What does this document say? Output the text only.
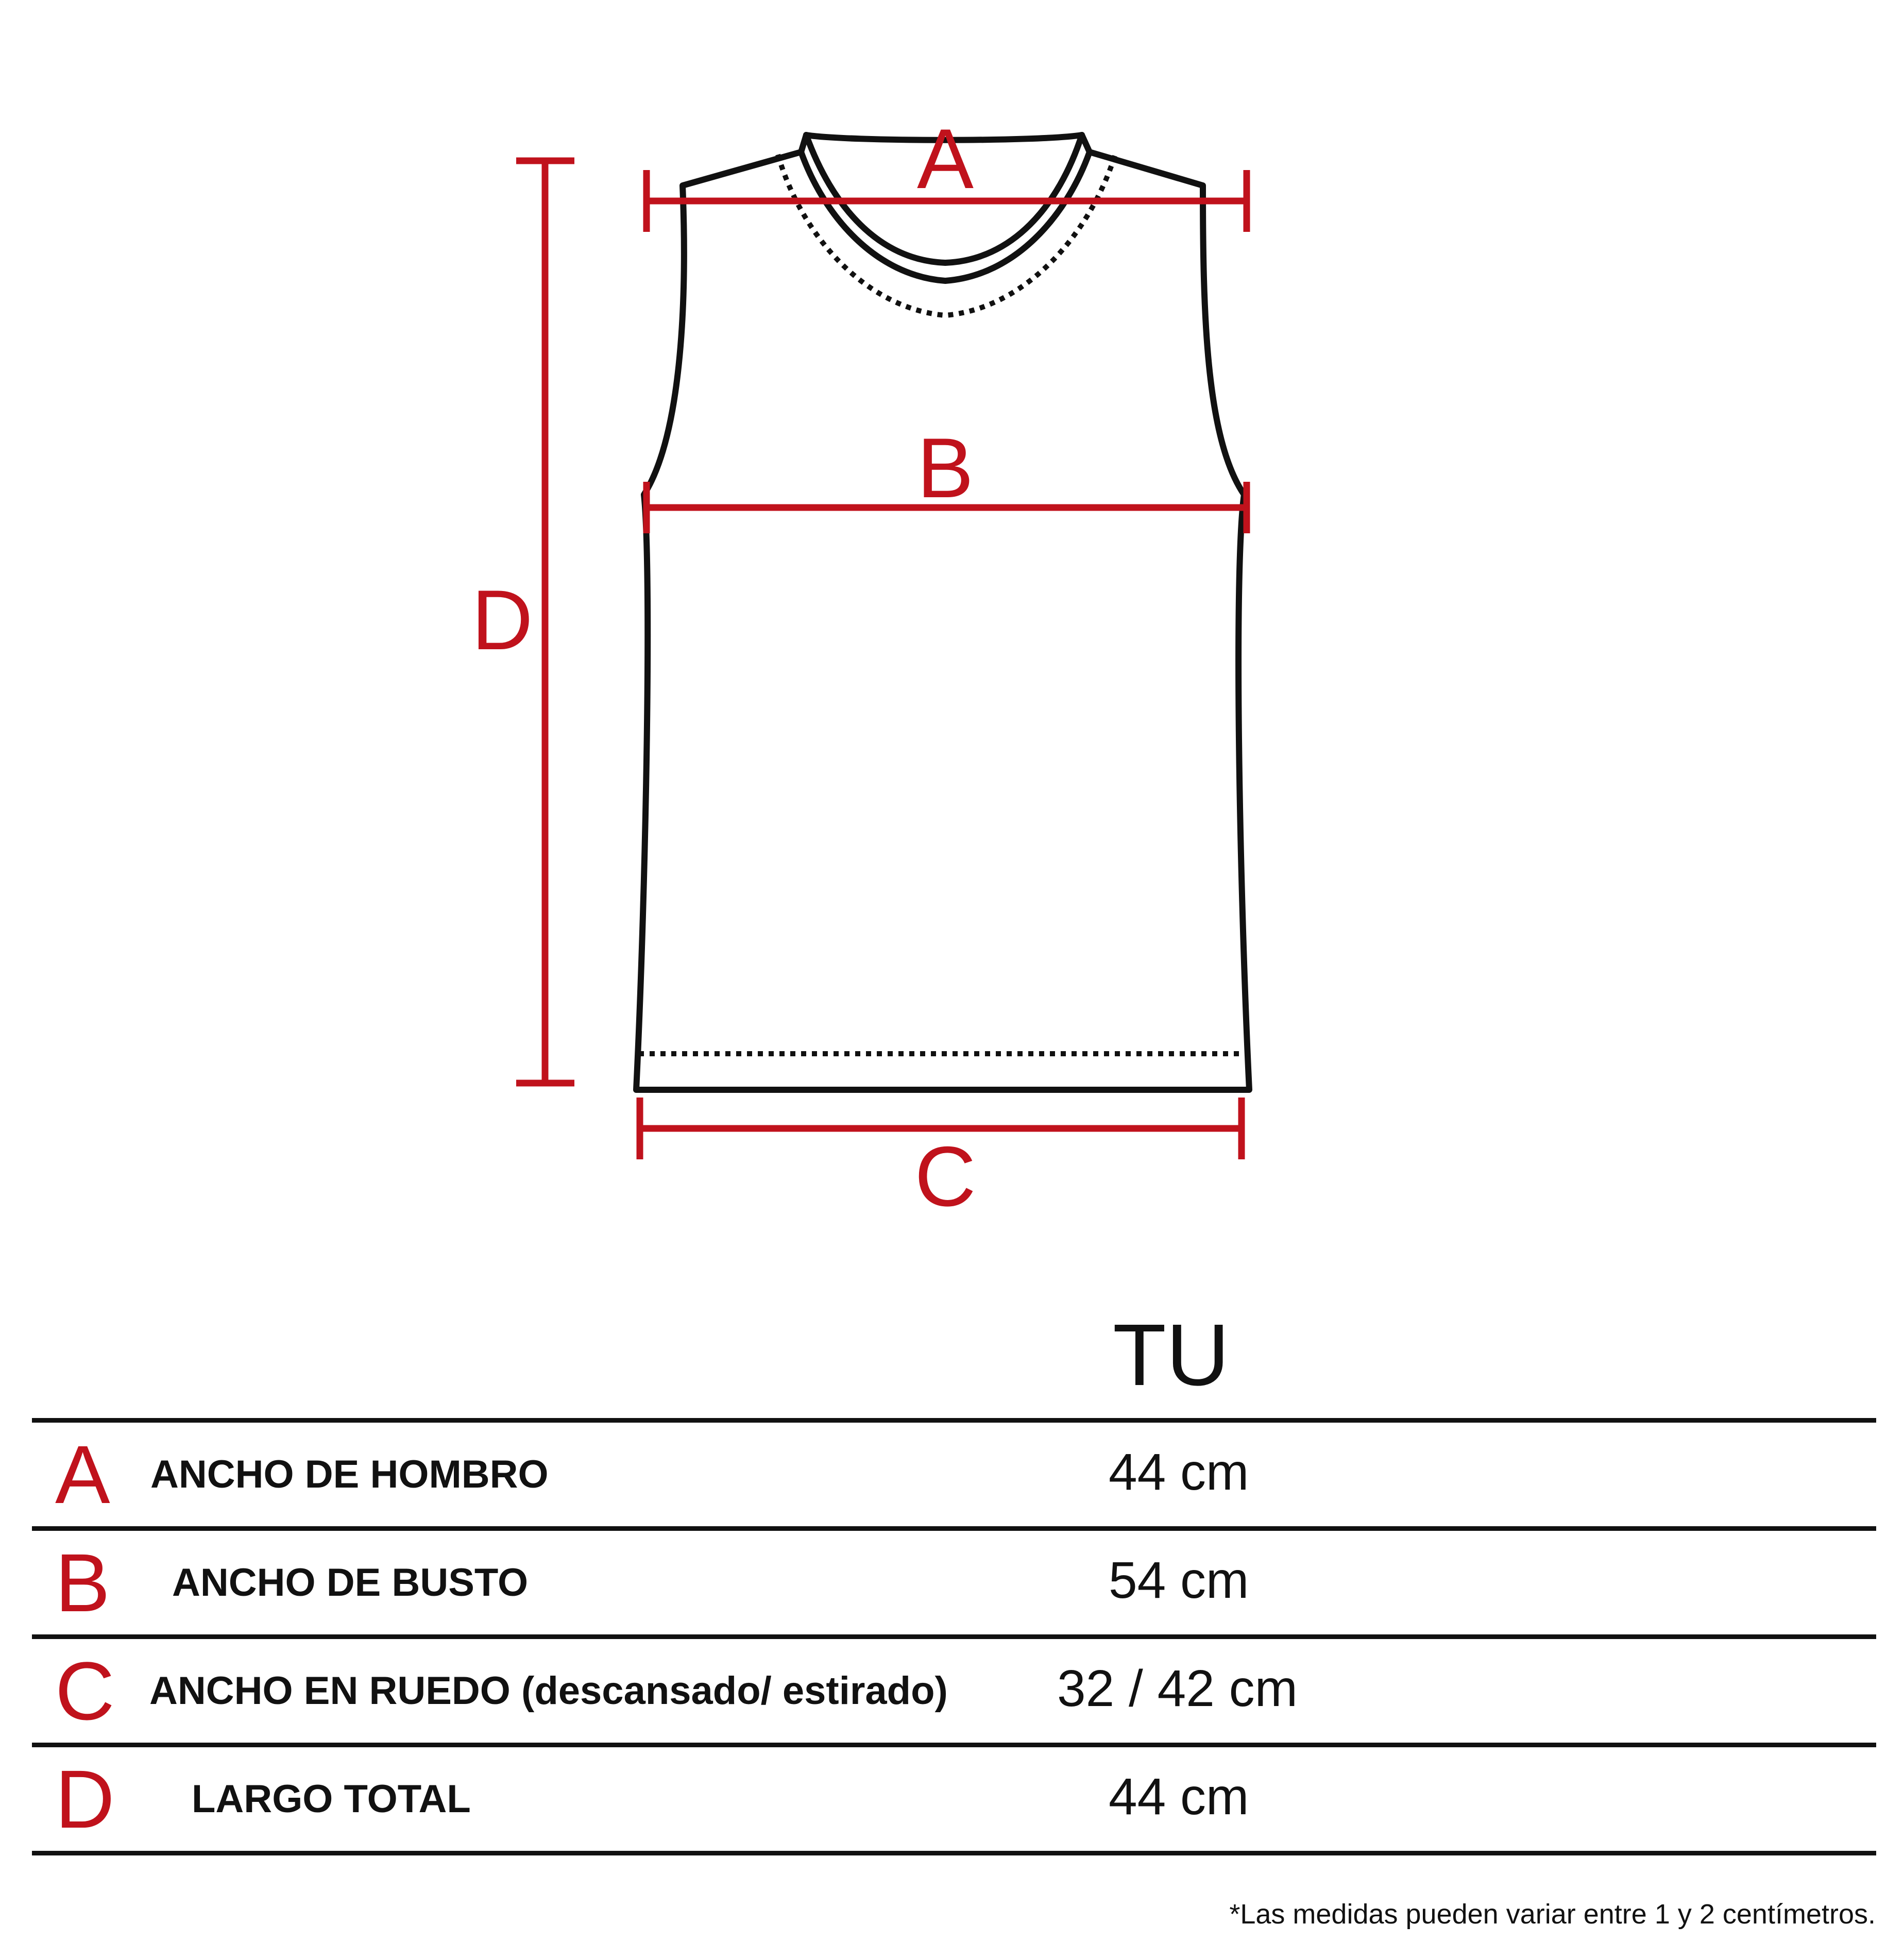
A
B
C
D
TU
A ANCHO DE HOMBRO	44 cm
B ANCHO DE BUSTO	54 cm
C ANCHO EN RUEDO (descansado/ estirado) 32 / 42 cm
D LARGO TOTAL	44 cm
*Las medidas pueden variar entre 1 y 2 centímetros.
